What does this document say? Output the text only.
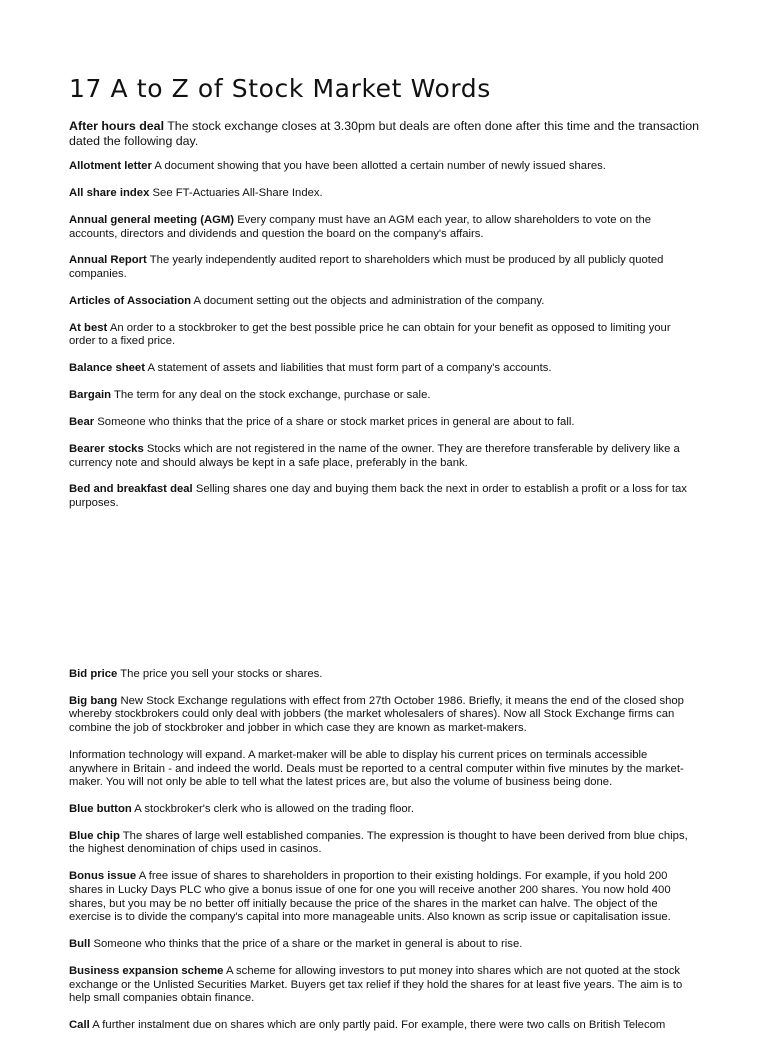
17 A to Z of Stock Market Words

After hours deal The stock exchange closes at 3.30pm but deals are often done after this time and the transaction dated the following day.

Allotment letter A document showing that you have been allotted a certain number of newly issued shares.

All share index See FT-Actuaries All-Share Index.

Annual general meeting (AGM) Every company must have an AGM each year, to allow shareholders to vote on the accounts, directors and dividends and question the board on the company's affairs.

Annual Report The yearly independently audited report to shareholders which must be produced by all publicly quoted companies.

Articles of Association A document setting out the objects and administration of the company.

At best An order to a stockbroker to get the best possible price he can obtain for your benefit as opposed to limiting your order to a fixed price.

Balance sheet A statement of assets and liabilities that must form part of a company's accounts.

Bargain The term for any deal on the stock exchange, purchase or sale.

Bear Someone who thinks that the price of a share or stock market prices in general are about to fall.

Bearer stocks Stocks which are not registered in the name of the owner. They are therefore transferable by delivery like a currency note and should always be kept in a safe place, preferably in the bank.

Bed and breakfast deal Selling shares one day and buying them back the next in order to establish a profit or a loss for tax purposes.

Bid price The price you sell your stocks or shares.

Big bang New Stock Exchange regulations with effect from 27th October 1986. Briefly, it means the end of the closed shop whereby stockbrokers could only deal with jobbers (the market wholesalers of shares). Now all Stock Exchange firms can combine the job of stockbroker and jobber in which case they are known as market-makers.

Information technology will expand. A market-maker will be able to display his current prices on terminals accessible anywhere in Britain - and indeed the world. Deals must be reported to a central computer within five minutes by the market-maker. You will not only be able to tell what the latest prices are, but also the volume of business being done.

Blue button A stockbroker's clerk who is allowed on the trading floor.

Blue chip The shares of large well established companies. The expression is thought to have been derived from blue chips, the highest denomination of chips used in casinos.

Bonus issue A free issue of shares to shareholders in proportion to their existing holdings. For example, if you hold 200 shares in Lucky Days PLC who give a bonus issue of one for one you will receive another 200 shares. You now hold 400 shares, but you may be no better off initially because the price of the shares in the market can halve. The object of the exercise is to divide the company's capital into more manageable units. Also known as scrip issue or capitalisation issue.

Bull Someone who thinks that the price of a share or the market in general is about to rise.

Business expansion scheme A scheme for allowing investors to put money into shares which are not quoted at the stock exchange or the Unlisted Securities Market. Buyers get tax relief if they hold the shares for at least five years. The aim is to help small companies obtain finance.

Call A further instalment due on shares which are only partly paid. For example, there were two calls on British Telecom
